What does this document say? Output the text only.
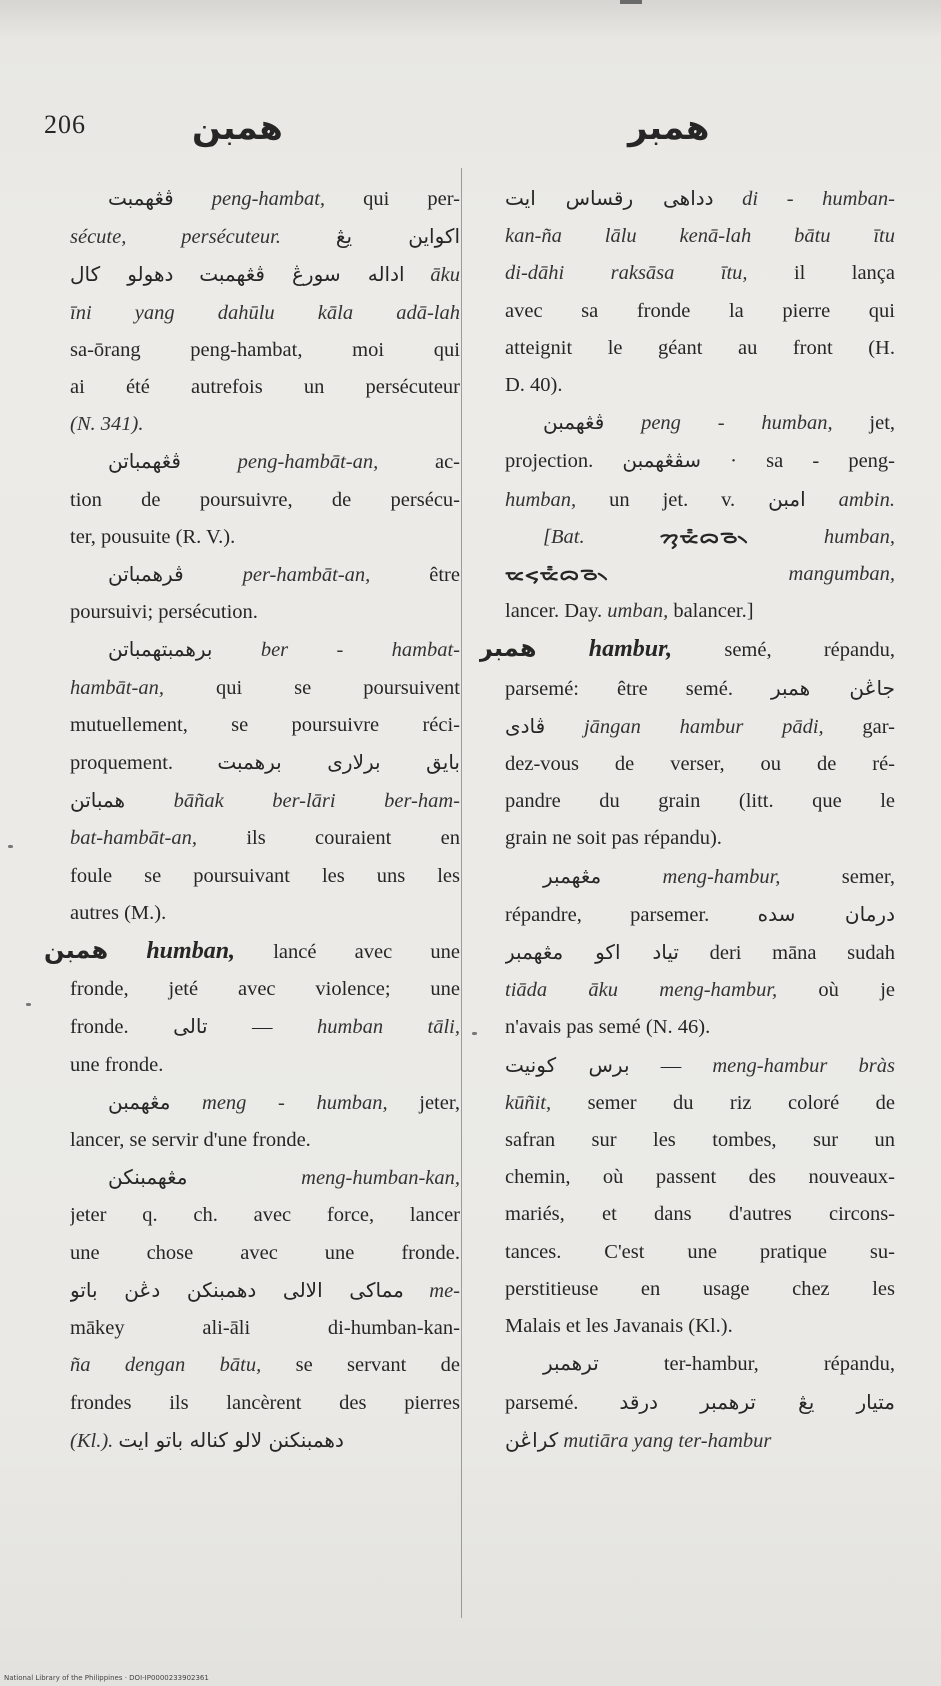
206	همبن	همبر
ڤڠهمبت peng-hambat, qui per-
sécute, persécuteur.	اكواين يڠ
اداله سورڠ ڤڠهمبت دهولو كال	āku
īni yang dahūlu kāla adā-lah
sa-ōrang peng-hambat, moi qui
ai été autrefois un persécuteur
(N. 341).
ڤڠهمباتن	peng-hambāt-an, ac-
tion de poursuivre, de persécu-
ter, pousuite (R. V.).
ڤرهمباتن	per-hambāt-an, être
poursuivi; persécution.
برهمبتهمباتن ber - hambat-
hambāt-an, qui se poursuivent
mutuellement, se poursuivre réci-
proquement. بايق برلارى برهمبت
همباتن bāñak ber-lāri ber-ham-
bat-hambāt-an, ils couraient en
foule se poursuivant les uns les
autres (M.).
همبن humban, lancé avec une
fronde, jeté avec violence; une
fronde. تالى — humban tāli,
une fronde.
مڠهمبن meng - humban, jeter,
lancer, se servir d'une fronde.
مڠهمبنكن	meng-humban-kan,
jeter q. ch. avec force, lancer
une chose avec une fronde.
مماكى الالى دهمبنكن دڠن باتو me-
mākey ali-āli di-humban-kan-
ña dengan bātu, se servant de
frondes ils lancèrent des pierres
(Kl.). دهمبنكنن لالو كناله باتو ايت
دداهى رقساس ايت di - humban-
kan-ña lālu kenā-lah bātu ītu
di-dāhi raksāsa ītu, il lança
avec sa fronde la pierre qui
atteignit le géant au front (H.
D. 40).
ڤڠهمبن peng - humban, jet,
projection. سڤڠهمبن · sa - peng-
humban, un jet. v. امبن ambin.
[Bat.	ᯂᯮᯔ᯦ᯅᯉ᯲	humban,
ᯔᯝᯮᯔ᯦ᯅᯉ᯲	mangumban,
lancer. Day. umban, balancer.]
همبر hambur, semé, répandu,
parsemé: être semé. جاڠن همبر
ڤادى jāngan hambur pādi, gar-
dez-vous de verser, ou de ré-
pandre du grain (litt. que le
grain ne soit pas répandu).
مڠهمبر	meng-hambur, semer,
répandre, parsemer. درمان سده
تياد اكو مڠهمبر deri māna sudah
tiāda āku meng-hambur, où je
n'avais pas semé (N. 46).
برس كونيت — meng-hambur bràs
kūñit, semer du riz coloré de
safran sur les tombes, sur un
chemin, où passent des nouveaux-
mariés, et dans d'autres circons-
tances. C'est une pratique su-
perstitieuse en usage chez les
Malais et les Javanais (Kl.).
ترهمبر	ter-hambur, répandu,
parsemé. متيار يڠ ترهمبر درقد
كراڠن mutiāra yang ter-hambur
National Library of the Philippines · DOI-IP0000233902361
